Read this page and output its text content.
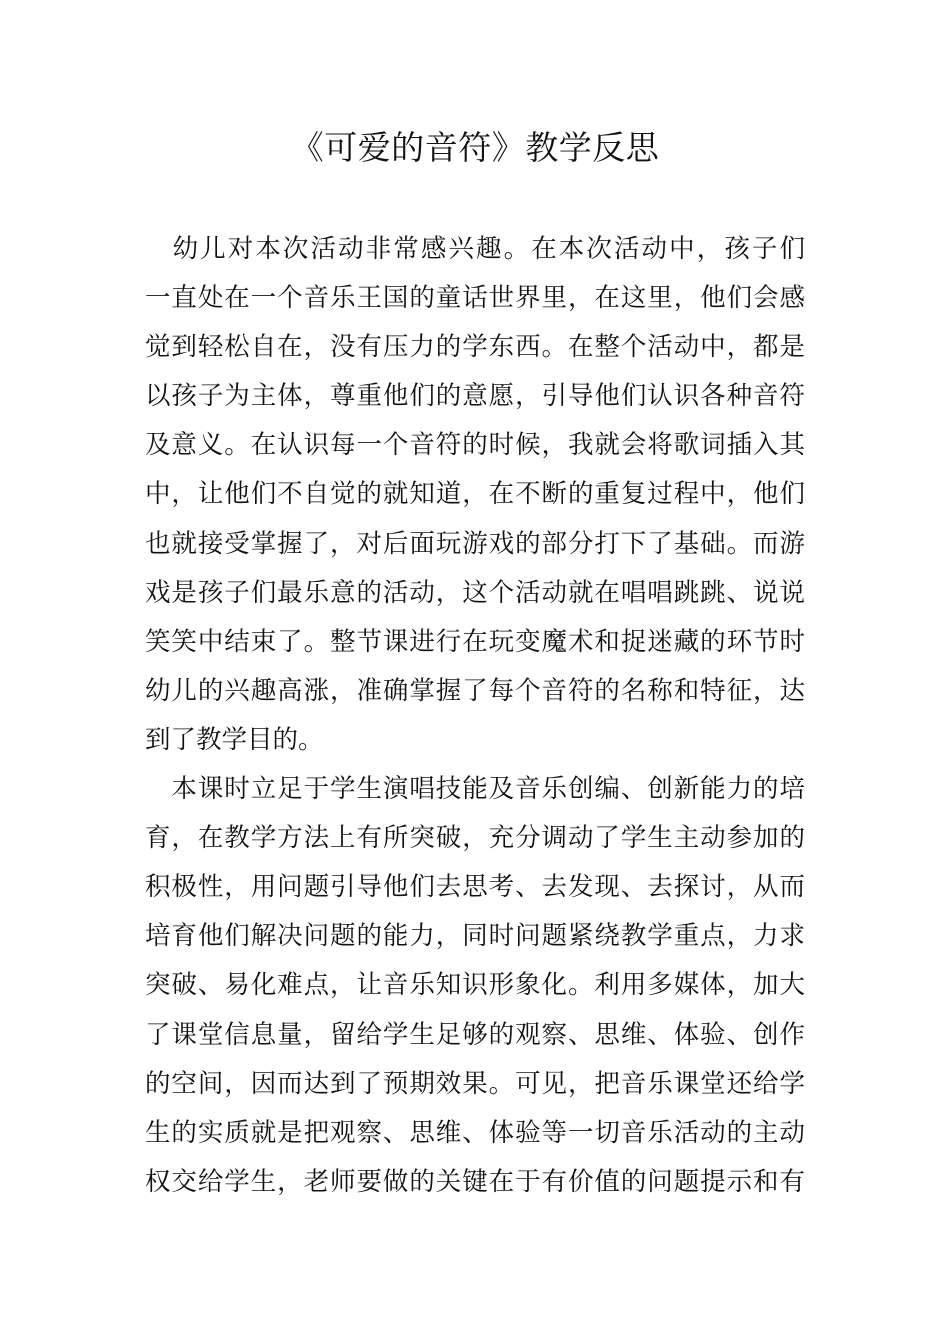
《可爱的音符》教学反思
　幼儿对本次活动非常感兴趣。在本次活动中，孩子们
一直处在一个音乐王国的童话世界里，在这里，他们会感
觉到轻松自在，没有压力的学东西。在整个活动中，都是
以孩子为主体，尊重他们的意愿，引导他们认识各种音符
及意义。在认识每一个音符的时候，我就会将歌词插入其
中，让他们不自觉的就知道，在不断的重复过程中，他们
也就接受掌握了，对后面玩游戏的部分打下了基础。而游
戏是孩子们最乐意的活动，这个活动就在唱唱跳跳、说说
笑笑中结束了。整节课进行在玩变魔术和捉迷藏的环节时
幼儿的兴趣高涨，准确掌握了每个音符的名称和特征，达
到了教学目的。
　本课时立足于学生演唱技能及音乐创编、创新能力的培
育，在教学方法上有所突破，充分调动了学生主动参加的
积极性，用问题引导他们去思考、去发现、去探讨，从而
培育他们解决问题的能力，同时问题紧绕教学重点，力求
突破、易化难点，让音乐知识形象化。利用多媒体，加大
了课堂信息量，留给学生足够的观察、思维、体验、创作
的空间，因而达到了预期效果。可见，把音乐课堂还给学
生的实质就是把观察、思维、体验等一切音乐活动的主动
权交给学生，老师要做的关键在于有价值的问题提示和有
